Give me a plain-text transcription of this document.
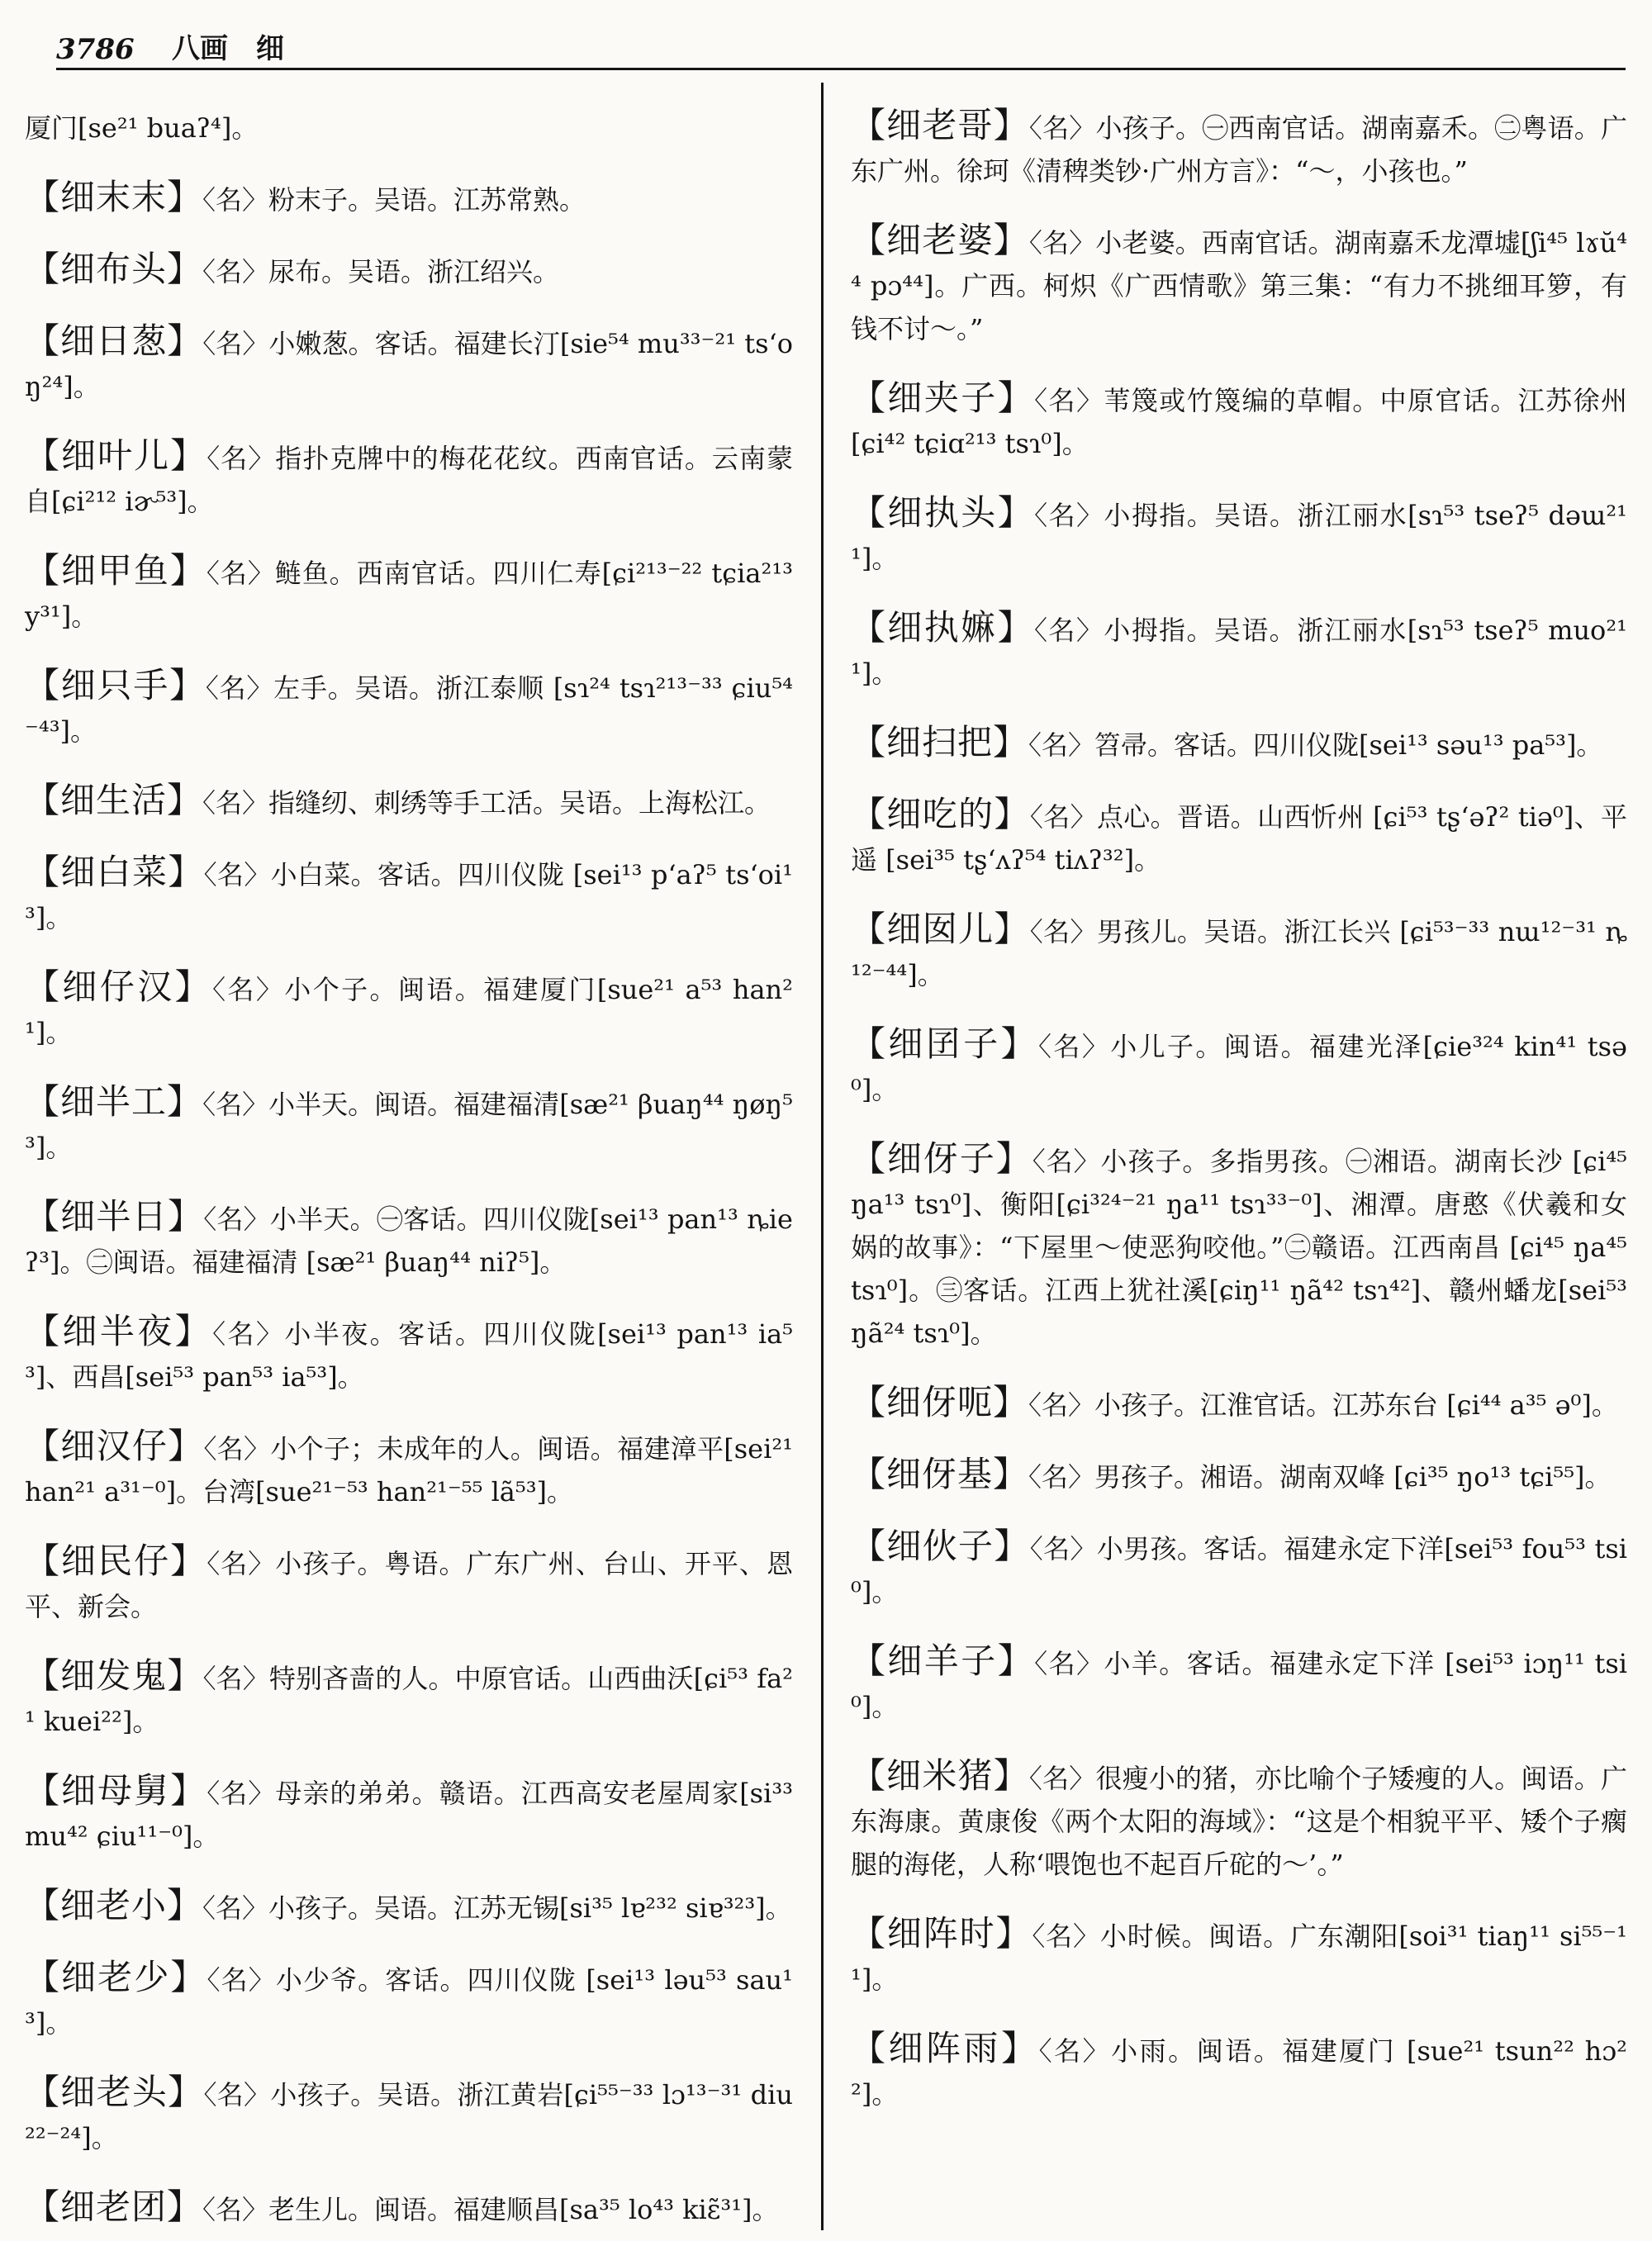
3786	八画 细

厦门[se²¹ buaʔ⁴]。

【细末末】〈名〉粉末子。吴语。江苏常熟。

【细布头】〈名〉尿布。吴语。浙江绍兴。

【细日葱】〈名〉小嫩葱。客话。福建长汀[sie⁵⁴ mu³³⁻²¹ ts‘oŋ²⁴]。

【细叶儿】〈名〉指扑克牌中的梅花花纹。西南官话。云南蒙自[ɕi²¹² iɚ⁵³]。

【细甲鱼】〈名〉鲢鱼。西南官话。四川仁寿[ɕi²¹³⁻²² tɕia²¹³ y³¹]。

【细只手】〈名〉左手。吴语。浙江泰顺 [sɿ²⁴ tsɿ²¹³⁻³³ ɕiu⁵⁴⁻⁴³]。

【细生活】〈名〉指缝纫、刺绣等手工活。吴语。上海松江。

【细白菜】〈名〉小白菜。客话。四川仪陇 [sei¹³ p‘aʔ⁵ ts‘oi¹³]。

【细仔汉】〈名〉小个子。闽语。福建厦门[sue²¹ a⁵³ han²¹]。

【细半工】〈名〉小半天。闽语。福建福清[sæ²¹ βuaŋ⁴⁴ ŋøŋ⁵³]。

【细半日】〈名〉小半天。㊀客话。四川仪陇[sei¹³ pan¹³ ȵieʔ³]。㊁闽语。福建福清 [sæ²¹ βuaŋ⁴⁴ niʔ⁵]。

【细半夜】〈名〉小半夜。客话。四川仪陇[sei¹³ pan¹³ ia⁵³]、西昌[sei⁵³ pan⁵³ ia⁵³]。

【细汉仔】〈名〉小个子；未成年的人。闽语。福建漳平[sei²¹ han²¹ a³¹⁻⁰]。台湾[sue²¹⁻⁵³ han²¹⁻⁵⁵ lã⁵³]。

【细民仔】〈名〉小孩子。粤语。广东广州、台山、开平、恩平、新会。

【细发鬼】〈名〉特别吝啬的人。中原官话。山西曲沃[ɕi⁵³ fa²¹ kuei²²]。

【细母舅】〈名〉母亲的弟弟。赣语。江西高安老屋周家[si³³ mu⁴² ɕiu¹¹⁻⁰]。

【细老小】〈名〉小孩子。吴语。江苏无锡[si³⁵ lɐ²³² siɐ³²³]。

【细老少】〈名〉小少爷。客话。四川仪陇 [sei¹³ ləu⁵³ sau¹³]。

【细老头】〈名〉小孩子。吴语。浙江黄岩[ɕi⁵⁵⁻³³ lɔ¹³⁻³¹ diu²²⁻²⁴]。

【细老团】〈名〉老生儿。闽语。福建顺昌[sa³⁵ lo⁴³ kiɛ̃³¹]。

【细老哥】〈名〉小孩子。㊀西南官话。湖南嘉禾。㊁粤语。广东广州。徐珂《清稗类钞·广州方言》：“～，小孩也。”

【细老婆】〈名〉小老婆。西南官话。湖南嘉禾龙潭墟[ʃi⁴⁵ lɤŭ⁴⁴ pɔ⁴⁴]。广西。柯炽《广西情歌》第三集：“有力不挑细耳箩，有钱不讨～。”

【细夹子】〈名〉苇篾或竹篾编的草帽。中原官话。江苏徐州 [ɕi⁴² tɕiɑ²¹³ tsɿ⁰]。

【细执头】〈名〉小拇指。吴语。浙江丽水[sɿ⁵³ tseʔ⁵ dəɯ²¹¹]。

【细执嫲】〈名〉小拇指。吴语。浙江丽水[sɿ⁵³ tseʔ⁵ muo²¹¹]。

【细扫把】〈名〉笤帚。客话。四川仪陇[sei¹³ səu¹³ pa⁵³]。

【细吃的】〈名〉点心。晋语。山西忻州 [ɕi⁵³ tʂ‘əʔ² tiə⁰]、平遥 [sei³⁵ tʂ‘ʌʔ⁵⁴ tiʌʔ³²]。

【细囡儿】〈名〉男孩儿。吴语。浙江长兴 [ɕi⁵³⁻³³ nɯ¹²⁻³¹ ȵ¹²⁻⁴⁴]。

【细囝子】〈名〉小儿子。闽语。福建光泽[ɕie³²⁴ kin⁴¹ tsə⁰]。

【细伢子】〈名〉小孩子。多指男孩。㊀湘语。湖南长沙 [ɕi⁴⁵ ŋa¹³ tsɿ⁰]、衡阳[ɕi³²⁴⁻²¹ ŋa¹¹ tsɿ³³⁻⁰]、湘潭。唐憨《伏羲和女娲的故事》：“下屋里～使恶狗咬他。”㊁赣语。江西南昌 [ɕi⁴⁵ ŋa⁴⁵ tsɿ⁰]。㊂客话。江西上犹社溪[ɕiŋ¹¹ ŋã⁴² tsɿ⁴²]、赣州蟠龙[sei⁵³ ŋã²⁴ tsɿ⁰]。

【细伢呃】〈名〉小孩子。江淮官话。江苏东台 [ɕi⁴⁴ a³⁵ ə⁰]。

【细伢基】〈名〉男孩子。湘语。湖南双峰 [ɕi³⁵ ŋo¹³ tɕi⁵⁵]。

【细伙子】〈名〉小男孩。客话。福建永定下洋[sei⁵³ fou⁵³ tsi⁰]。

【细羊子】〈名〉小羊。客话。福建永定下洋 [sei⁵³ iɔŋ¹¹ tsi⁰]。

【细米猪】〈名〉很瘦小的猪，亦比喻个子矮瘦的人。闽语。广东海康。黄康俊《两个太阳的海域》：“这是个相貌平平、矮个子瘸腿的海佬，人称‘喂饱也不起百斤砣的～’。”

【细阵时】〈名〉小时候。闽语。广东潮阳[soi³¹ tiaŋ¹¹ si⁵⁵⁻¹¹]。

【细阵雨】〈名〉小雨。闽语。福建厦门 [sue²¹ tsun²² hɔ²²]。
